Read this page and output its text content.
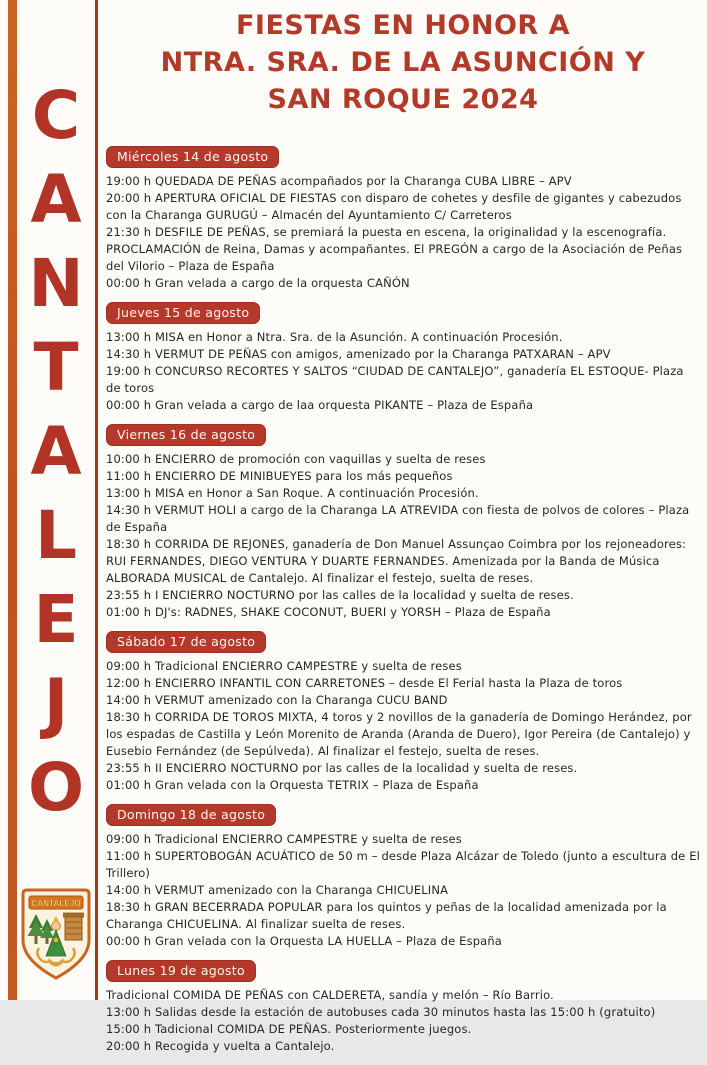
C
A
N
T
A
L
E
J
O
CANTALEJO
FIESTAS EN HONOR A
NTRA. SRA. DE LA ASUNCIÓN Y
SAN ROQUE 2024
Miércoles 14 de agosto

19:00 h QUEDADA DE PEÑAS acompañados por la Charanga CUBA LIBRE – APV

20:00 h APERTURA OFICIAL DE FIESTAS con disparo de cohetes y desfile de gigantes y cabezudos con la Charanga GURUGÚ – Almacén del Ayuntamiento C/ Carreteros

21:30 h DESFILE DE PEÑAS, se premiará la puesta en escena, la originalidad y la escenografía. PROCLAMACIÓN de Reina, Damas y acompañantes. El PREGÓN a cargo de la Asociación de Peñas del Vilorio – Plaza de España

00:00 h Gran velada a cargo de la orquesta CAÑÓN

Jueves 15 de agosto

13:00 h MISA en Honor a Ntra. Sra. de la Asunción. A continuación Procesión.

14:30 h VERMUT DE PEÑAS con amigos, amenizado por la Charanga PATXARAN – APV

19:00 h CONCURSO RECORTES Y SALTOS “CIUDAD DE CANTALEJO”, ganadería EL ESTOQUE- Plaza de toros

00:00 h Gran velada a cargo de laa orquesta PIKANTE – Plaza de España

Viernes 16 de agosto

10:00 h ENCIERRO de promoción con vaquillas y suelta de reses

11:00 h ENCIERRO DE MINIBUEYES para los más pequeños

13:00 h MISA en Honor a San Roque. A continuación Procesión.

14:30 h VERMUT HOLI a cargo de la Charanga LA ATREVIDA con fiesta de polvos de colores – Plaza de España

18:30 h CORRIDA DE REJONES, ganadería de Don Manuel Assunçao Coimbra por los rejoneadores: RUI FERNANDES, DIEGO VENTURA Y DUARTE FERNANDES. Amenizada por la Banda de Música ALBORADA MUSICAL de Cantalejo. Al finalizar el festejo, suelta de reses.

23:55 h I ENCIERRO NOCTURNO por las calles de la localidad y suelta de reses.

01:00 h DJ's: RADNES, SHAKE COCONUT, BUERI y YORSH – Plaza de España

Sábado 17 de agosto

09:00 h Tradicional ENCIERRO CAMPESTRE y suelta de reses

12:00 h ENCIERRO INFANTIL CON CARRETONES – desde El Ferial hasta la Plaza de toros

14:00 h VERMUT amenizado con la Charanga CUCU BAND

18:30 h CORRIDA DE TOROS MIXTA, 4 toros y 2 novillos de la ganadería de Domingo Herández, por los espadas de Castilla y León Morenito de Aranda (Aranda de Duero), Igor Pereira (de Cantalejo) y Eusebio Fernández (de Sepúlveda). Al finalizar el festejo, suelta de reses.

23:55 h II ENCIERRO NOCTURNO por las calles de la localidad y suelta de reses.

01:00 h Gran velada con la Orquesta TETRIX – Plaza de España

Domingo 18 de agosto

09:00 h Tradicional ENCIERRO CAMPESTRE y suelta de reses

11:00 h SUPERTOBOGÁN ACUÁTICO de 50 m – desde Plaza Alcázar de Toledo (junto a escultura de El Trillero)

14:00 h VERMUT amenizado con la Charanga CHICUELINA

18:30 h GRAN BECERRADA POPULAR para los quintos y peñas de la localidad amenizada por la Charanga CHICUELINA. Al finalizar suelta de reses.

00:00 h Gran velada con la Orquesta LA HUELLA – Plaza de España

Lunes 19 de agosto

Tradicional COMIDA DE PEÑAS con CALDERETA, sandía y melón – Río Barrio.

13:00 h Salidas desde la estación de autobuses cada 30 minutos hasta las 15:00 h (gratuito)

15:00 h Tadicional COMIDA DE PEÑAS. Posteriormente juegos.

20:00 h Recogida y vuelta a Cantalejo.
